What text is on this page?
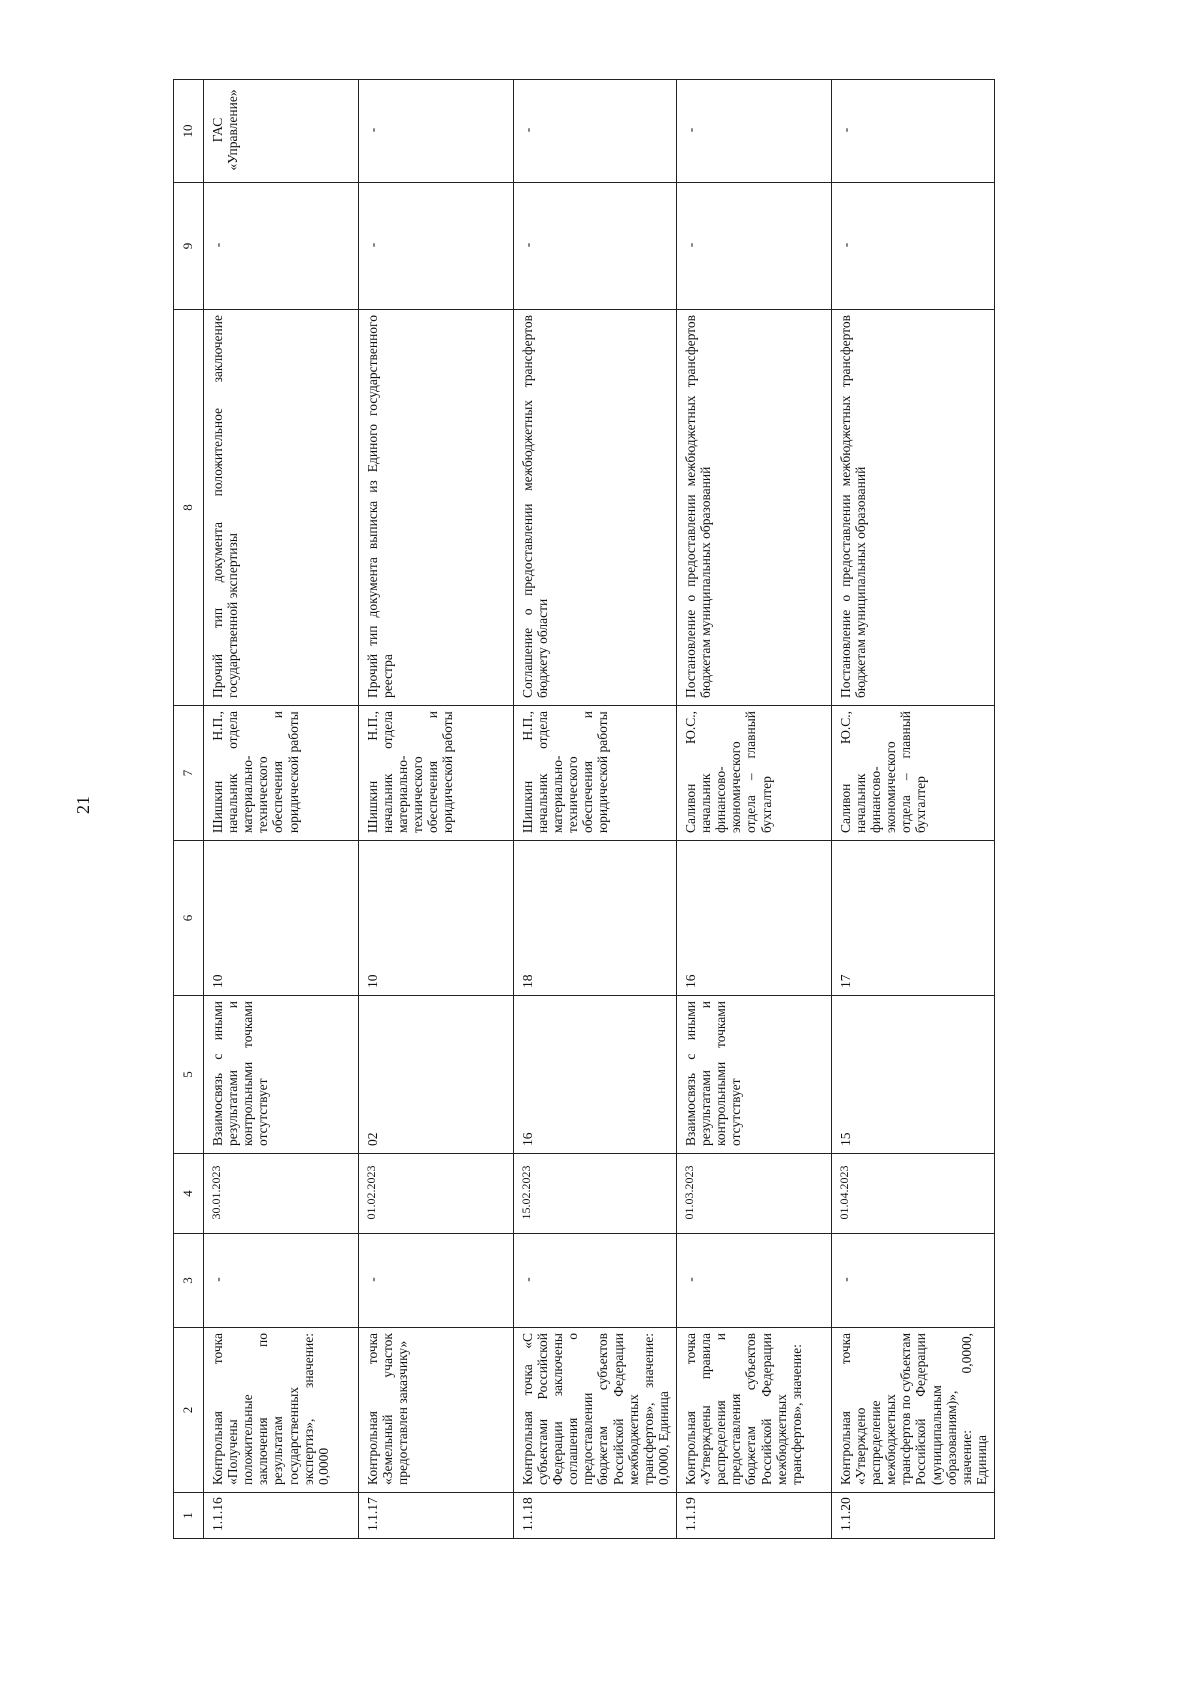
21
1	2	3	4	5	6	7	8	9	10
1.1.16	Контрольная точка «Получены положительные заключения по результатам государственных экспертиз», значение: 0,0000	-	30.01.2023	Взаимосвязь с иными результатами и контрольными точками отсутствует	10	Шишкин Н.П., начальник отдела материально-технического обеспечения и юридической работы	Прочий тип документа положительное заключение государственной экспертизы	-	ГАС «Управление»
1.1.17	Контрольная точка «Земельный участок предоставлен заказчику»	-	01.02.2023	02	10	Шишкин Н.П., начальник отдела материально-технического обеспечения и юридической работы	Прочий тип документа выписка из Единого государственного реестра	-	-
1.1.18	Контрольная точка «С субъектами Российской Федерации заключены соглашения о предоставлении бюджетам субъектов Российской Федерации межбюджетных трансфертов», значение: 0,0000, Единица	-	15.02.2023	16	18	Шишкин Н.П., начальник отдела материально-технического обеспечения и юридической работы	Соглашение о предоставлении межбюджетных трансфертов бюджету области	-	-
1.1.19	Контрольная точка «Утверждены правила распределения и предоставления бюджетам субъектов Российской Федерации межбюджетных трансфертов», значение:	-	01.03.2023	Взаимосвязь с иными результатами и контрольными точками отсутствует	16	Саливон Ю.С., начальник финансово-экономического отдела – главный бухгалтер	Постановление о предоставлении межбюджетных трансфертов бюджетам муниципальных образований	-	-
1.1.20	Контрольная точка «Утверждено распределение межбюджетных трансфертов по субъектам Российской Федерации (муниципальным образованиям)», значение: 0,0000, Единица	-	01.04.2023	15	17	Саливон Ю.С., начальник финансово-экономического отдела – главный бухгалтер	Постановление о предоставлении межбюджетных трансфертов бюджетам муниципальных образований	-	-
